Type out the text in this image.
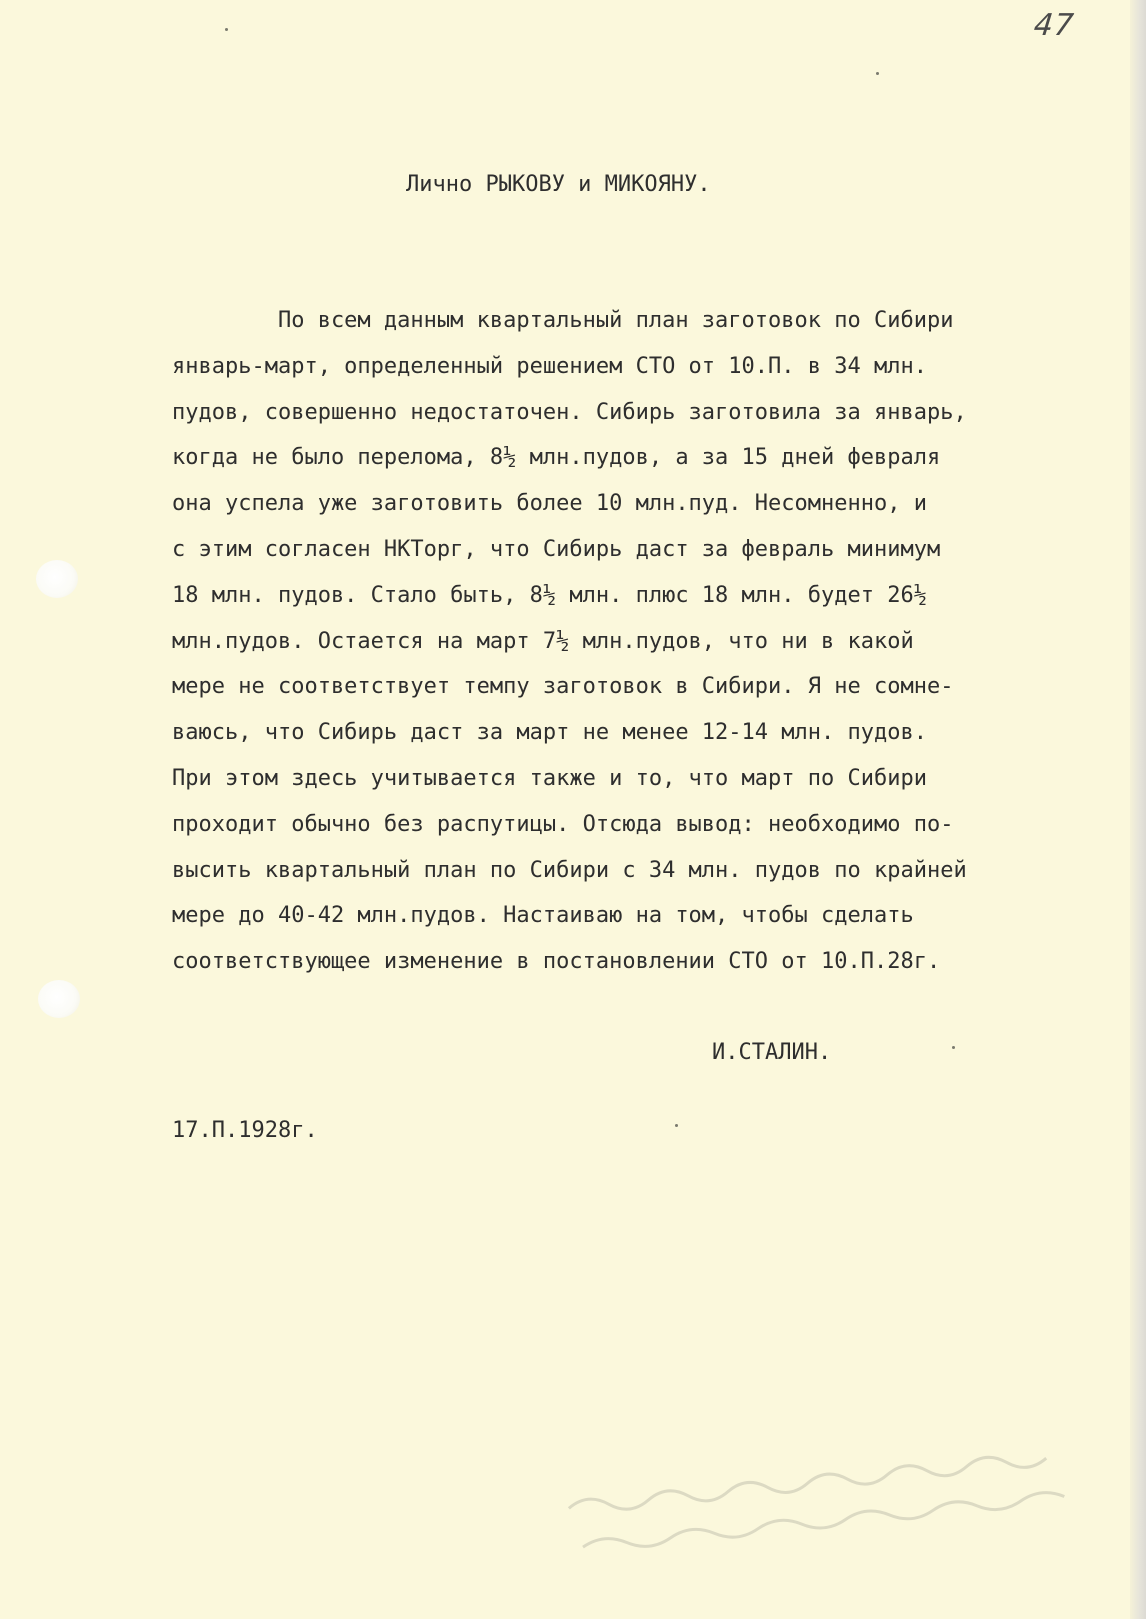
47
Лично РЫКОВУ и МИКОЯНУ.
По всем данным квартальный план заготовок по Сибири
январь-март, определенный решением СТО от 10.П. в 34 млн.
пудов, совершенно недостаточен. Сибирь заготовила за январь,
когда не было перелома, 8½ млн.пудов, а за 15 дней февраля
она успела уже заготовить более 10 млн.пуд. Несомненно, и
с этим согласен НКТорг, что Сибирь даст за февраль минимум
18 млн. пудов. Стало быть, 8½ млн. плюс 18 млн. будет 26½
млн.пудов. Остается на март 7½ млн.пудов, что ни в какой
мере не соответствует темпу заготовок в Сибири. Я не сомне-
ваюсь, что Сибирь даст за март не менее 12-14 млн. пудов.
При этом здесь учитывается также и то, что март по Сибири
проходит обычно без распутицы. Отсюда вывод: необходимо по-
высить квартальный план по Сибири с 34 млн. пудов по крайней
мере до 40-42 млн.пудов. Настаиваю на том, чтобы сделать
соответствующее изменение в постановлении СТО от 10.П.28г.
И.СТАЛИН.
17.П.1928г.
